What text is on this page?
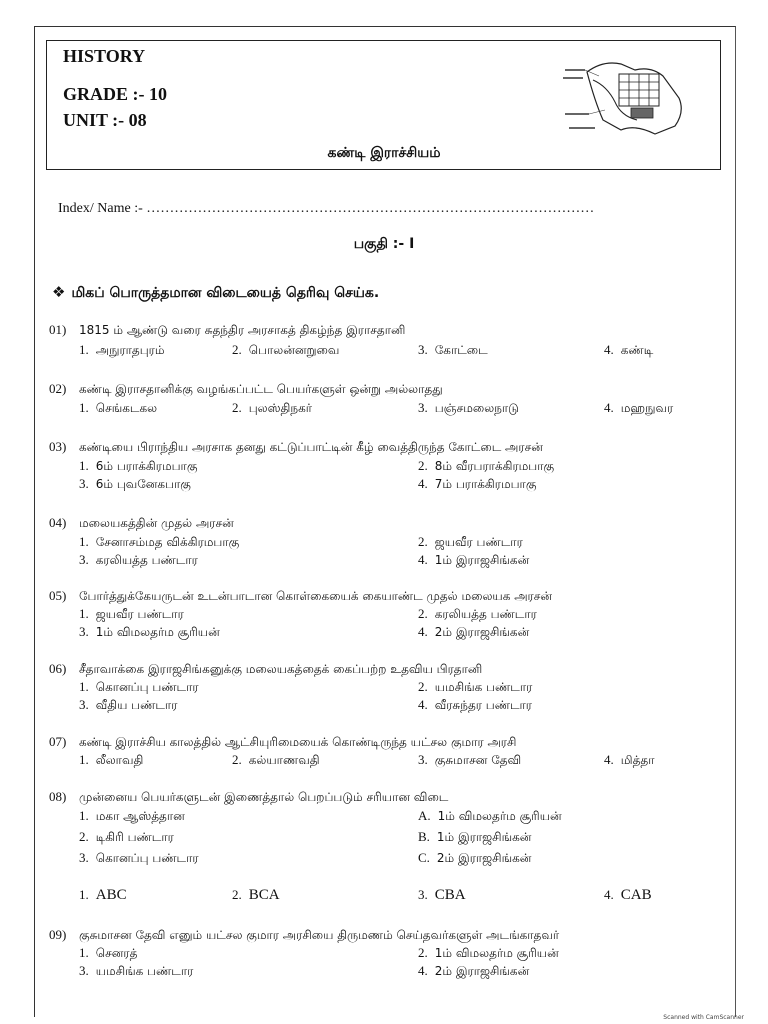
HISTORY
GRADE :- 10
UNIT :- 08
கண்டி இராச்சியம்
Index/ Name :- ……………………………………………………………………………………
பகுதி :- I
❖ மிகப் பொருத்தமான விடையைத் தெரிவு செய்க.
01) 1815 ம் ஆண்டு வரை சுதந்திர அரசாகத் திகழ்ந்த இராசதானி
1. அநுராதபுரம்	2. பொலன்னறுவை	3. கோட்டை	4. கண்டி
02) கண்டி இராசதானிக்கு வழங்கப்பட்ட பெயர்களுள் ஒன்று அல்லாதது
1. செங்கடகல	2. புலஸ்திநகர்	3. பஞ்சமலைநாடு	4. மஹநுவர
03) கண்டியை பிராந்திய அரசாக தனது கட்டுப்பாட்டின் கீழ் வைத்திருந்த கோட்டை அரசன்
1. 6ம் பராக்கிரமபாகு	2. 8ம் வீரபராக்கிரமபாகு
3. 6ம் புவனேகபாகு	4. 7ம் பராக்கிரமபாகு
04) மலையகத்தின் முதல் அரசன்
1. சேனாசம்மத விக்கிரமபாகு	2. ஜயவீர பண்டார
3. கரலியத்த பண்டார	4. 1ம் இராஜசிங்கன்
05) போர்த்துக்கேயருடன் உடன்பாடான கொள்கையைக் கையாண்ட முதல் மலையக அரசன்
1. ஜயவீர பண்டார	2. கரலியத்த பண்டார
3. 1ம் விமலதர்ம சூரியன்	4. 2ம் இராஜசிங்கன்
06) சீதாவாக்கை இராஜசிங்கனுக்கு மலையகத்தைக் கைப்பற்ற உதவிய பிரதானி
1. கொனப்பு பண்டார	2. யமசிங்க பண்டார
3. வீதிய பண்டார	4. வீரசுந்தர பண்டார
07) கண்டி இராச்சிய காலத்தில் ஆட்சியுரிமையைக் கொண்டிருந்த யட்சல குமார அரசி
1. லீலாவதி	2. கல்யாணவதி	3. குசுமாசன தேவி	4. மித்தா
08) முன்னைய பெயர்களுடன் இணைத்தால் பெறப்படும் சரியான விடை
1. மகா ஆஸ்த்தான	A. 1ம் விமலதர்ம சூரியன்
2. டிகிரி பண்டார	B. 1ம் இராஜசிங்கன்
3. கொனப்பு பண்டார	C. 2ம் இராஜசிங்கன்
1. ABC	2. BCA	3. CBA	4. CAB
09) குசுமாசன தேவி எனும் யட்சல குமார அரசியை திருமணம் செய்தவர்களுள் அடங்காதவர்
1. செனரத்	2. 1ம் விமலதர்ம சூரியன்
3. யமசிங்க பண்டார	4. 2ம் இராஜசிங்கன்
Scanned with CamScanner
